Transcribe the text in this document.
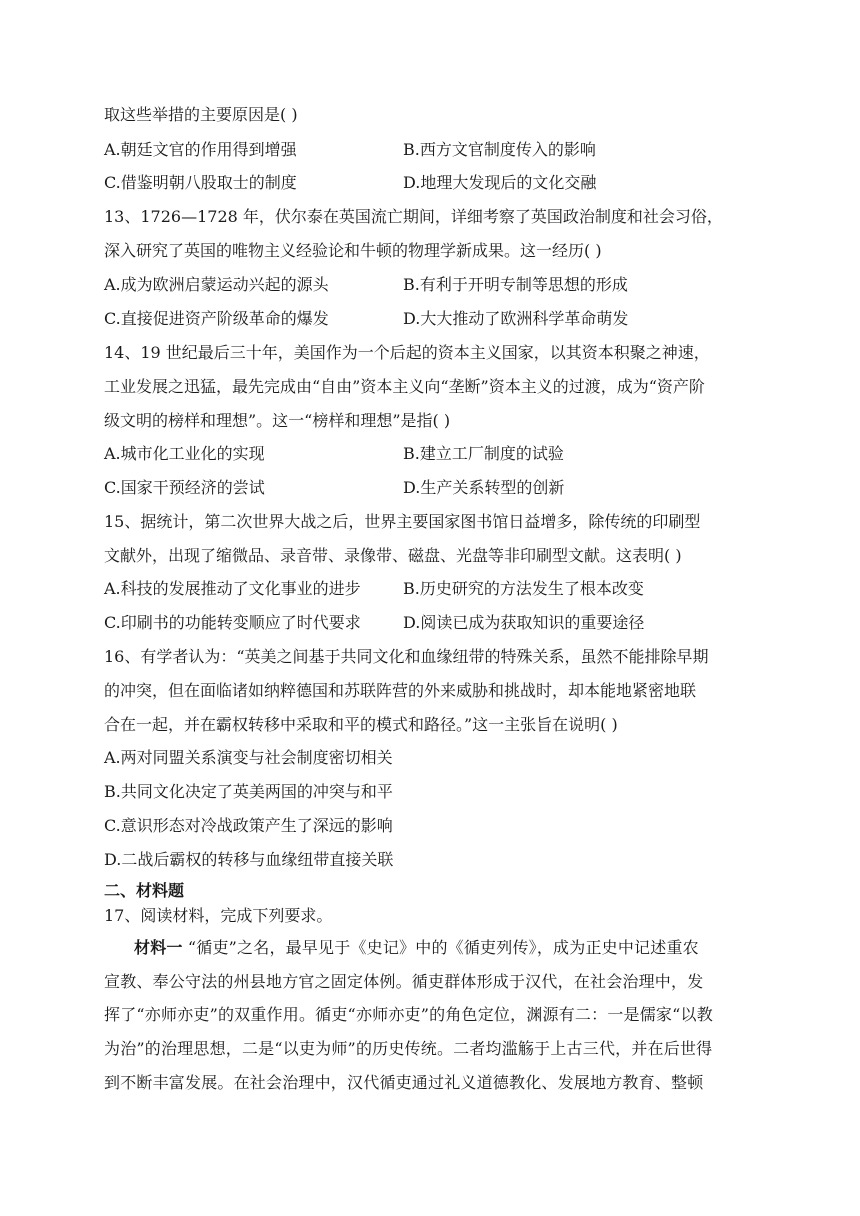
取这些举措的主要原因是( )
A.朝廷文官的作用得到增强	B.西方文官制度传入的影响
C.借鉴明朝八股取士的制度	D.地理大发现后的文化交融
13、1726—1728 年，伏尔泰在英国流亡期间，详细考察了英国政治制度和社会习俗，
深入研究了英国的唯物主义经验论和牛顿的物理学新成果。这一经历( )
A.成为欧洲启蒙运动兴起的源头	B.有利于开明专制等思想的形成
C.直接促进资产阶级革命的爆发	D.大大推动了欧洲科学革命萌发
14、19 世纪最后三十年，美国作为一个后起的资本主义国家，以其资本积聚之神速，
工业发展之迅猛，最先完成由“自由”资本主义向“垄断”资本主义的过渡，成为“资产阶
级文明的榜样和理想”。这一“榜样和理想”是指( )
A.城市化工业化的实现	B.建立工厂制度的试验
C.国家干预经济的尝试	D.生产关系转型的创新
15、据统计，第二次世界大战之后，世界主要国家图书馆日益增多，除传统的印刷型
文献外，出现了缩微品、录音带、录像带、磁盘、光盘等非印刷型文献。这表明( )
A.科技的发展推动了文化事业的进步	B.历史研究的方法发生了根本改变
C.印刷书的功能转变顺应了时代要求	D.阅读已成为获取知识的重要途径
16、有学者认为：“英美之间基于共同文化和血缘纽带的特殊关系，虽然不能排除早期
的冲突，但在面临诸如纳粹德国和苏联阵营的外来威胁和挑战时，却本能地紧密地联
合在一起，并在霸权转移中采取和平的模式和路径。”这一主张旨在说明( )
A.两对同盟关系演变与社会制度密切相关
B.共同文化决定了英美两国的冲突与和平
C.意识形态对冷战政策产生了深远的影响
D.二战后霸权的转移与血缘纽带直接关联
二、材料题
17、阅读材料，完成下列要求。
材料一 “循吏”之名，最早见于《史记》中的《循吏列传》，成为正史中记述重农
宣教、奉公守法的州县地方官之固定体例。循吏群体形成于汉代，在社会治理中，发
挥了“亦师亦吏”的双重作用。循吏“亦师亦吏”的角色定位，渊源有二：一是儒家“以教
为治”的治理思想，二是“以吏为师”的历史传统。二者均滥觞于上古三代，并在后世得
到不断丰富发展。在社会治理中，汉代循吏通过礼义道德教化、发展地方教育、整顿
